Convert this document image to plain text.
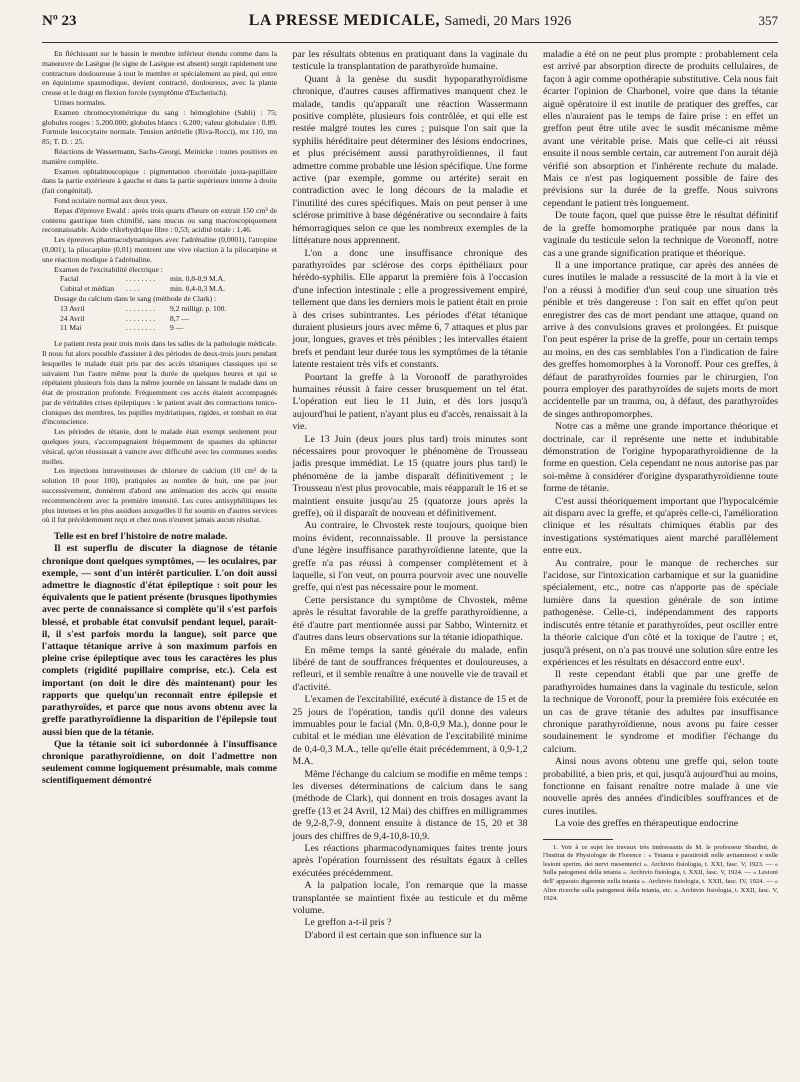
Nº 23	LA PRESSE MEDICALE, Samedi, 20 Mars 1926	357

En fléchissant sur le bassin le membre inférieur étendu comme dans la manœuvre de Lasègue (le signe de Lasègue est absent) surgit rapidement une contracture douloureuse à tout le membre et spécialement au pied, qui entre en équinisme spasmodique, devient contracté, douloureux, avec la plante creuse et le doigt en flexion forcée (symptôme d'Escherisch).

Urines normales.

Examen chromocytométrique du sang : hémoglobine (Sahli) : 75; globules rouges : 5.200.000; globules blancs : 6.200; valeur globulaire : 0.89. Formule leucocytaire normale. Tension artérielle (Riva-Rocci), mx 110, mn 85; T. D. : 25.

Réactions de Wassermann, Sachs-Georgi, Meinicke : toutes positives en manière complète.

Examen ophtalmoscopique : pigmentation choroïdale juxta-papillaire dans la partie extérieure à gauche et dans la partie supérieure interne à droite (fait congénital).

Fond oculaire normal aux deux yeux.

Repas d'épreuve Ewald : après trois quarts d'heure on extrait 150 cm³ de contenu gastrique bien chimifié, sans mucus ou sang macroscopiquement reconnaissable. Acide chlorhydrique libre : 0,53; acidité totale : 1,46.

Les épreuves pharmacodynamiques avec l'adrénaline (0,0001), l'atropine (0,001), la pilocarpine (0,01) montrent une vive réaction à la pilocarpine et une réaction modique à l'adrénaline.

Examen de l'excitabilité électrique :

Facial	........	min. 0,8-0,9 M.A.
Cubital et médian	....	min. 0,4-0,3 M.A.

Dosage du calcium dans le sang (méthode de Clark) :

13 Avril	........	9,2 milligr. p. 100.
24 Avril	........	8,7 —
11 Mai	........	9 —

Le patient resta pour trois mois dans les salles de la pathologie médicale. Il nous fut alors possible d'assister à des périodes de deux-trois jours pendant lesquelles le malade était pris par des accès tétaniques classiques qui se suivaient l'un l'autre même pour la durée de quelques heures et qui se répétaient plusieurs fois dans la même journée en laissant le malade dans un état de prostration profonde. Fréquemment ces accès étaient accompagnés par de véritables crises épileptiques : le patient avait des contractions tonico-cloniques des membres, les pupilles mydriatiques, rigides, et tombait en état d'inconscience.

Les périodes de tétanie, dont le malade était exempt seulement pour quelques jours, s'accompagnaient fréquemment de spasmes du sphincter vésical, qu'on réussissait à vaincre avec difficulté avec les communes sondes molles.

Les injections intraveineuses de chlorure de calcium (10 cm³ de la solution 10 pour 100), pratiquées au nombre de huit, une par jour successivement, donnèrent d'abord une atténuation des accès qui ensuite recommencèrent avec la première intensité. Les cures antisyphilitiques les plus intenses et les plus assidues auxquelles il fut soumis en d'autres services où il fut précédemment reçu et chez nous n'eurent jamais aucun résultat.

Telle est en bref l'histoire de notre malade.

Il est superflu de discuter la diagnose de tétanie chronique dont quelques symptômes, — les oculaires, par exemple, — sont d'un intérêt particulier. L'on doit aussi admettre le diagnostic d'état épileptique : soit pour les équivalents que le patient présente (brusques lipothymies avec perte de connaissance si complète qu'il s'est parfois blessé, et probable état convulsif pendant lequel, paraît-il, il s'est parfois mordu la langue), soit parce que l'attaque tétanique arrive à son maximum parfois en pleine crise épileptique avec tous les caractères les plus complets (rigidité pupillaire comprise, etc.). Cela est important (on doit le dire dès maintenant) pour les rapports que quelqu'un reconnaît entre épilepsie et parathyroïdes, et parce que nous avons obtenu avec la greffe parathyroïdienne la disparition de l'épilepsie tout aussi bien que de la tétanie.

Que la tétanie soit ici subordonnée à l'insuffisance chronique parathyroïdienne, on doit l'admettre non seulement comme logiquement présumable, mais comme scientifiquement démontré

par les résultats obtenus en pratiquant dans la vaginale du testicule la transplantation de parathyroïde humaine.

Quant à la genèse du susdit hypoparathyroïdisme chronique, d'autres causes affirmatives manquent chez le malade, tandis qu'apparaît une réaction Wassermann positive complète, plusieurs fois contrôlée, et qui elle est restée malgré toutes les cures ; puisque l'on sait que la syphilis héréditaire peut déterminer des lésions endocrines, et plus précisément aussi parathyroïdiennes, il faut admettre comme probable une lésion spécifique. Une forme active (par exemple, gomme ou artérite) serait en contradiction avec le long décours de la maladie et l'inutilité des cures spécifiques. Mais on peut penser à une sclérose primitive à base dégénérative ou secondaire à faits hémorragiques selon ce que les nombreux exemples de la littérature nous apprennent.

L'on a donc une insuffisance chronique des parathyroïdes par sclérose des corps épithéliaux pour hérédo-syphilis. Elle apparut la première fois à l'occasion d'une infection intestinale ; elle a progressivement empiré, tellement que dans les derniers mois le patient était en proie à des crises subintrantes. Les périodes d'état tétanique duraient plusieurs jours avec même 6, 7 attaques et plus par jour, longues, graves et très pénibles ; les intervalles étaient brefs et pendant leur durée tous les symptômes de la tétanie latente restaient très vifs et constants.

Pourtant la greffe à la Voronoff de parathyroïdes humaines réussit à faire cesser brusquement un tel état. L'opération eut lieu le 11 Juin, et dès lors jusqu'à aujourd'hui le patient, n'ayant plus eu d'accès, renaissait à la vie.

Le 13 Juin (deux jours plus tard) trois minutes sont nécessaires pour provoquer le phénomène de Trousseau jadis presque immédiat. Le 15 (quatre jours plus tard) le phénomène de la jambe disparaît définitivement ; le Trousseau n'est plus provocable, mais réapparaît le 16 et se maintient ensuite jusqu'au 25 (quatorze jours après la greffe), où il disparaît de nouveau et définitivement.

Au contraire, le Chvostek reste toujours, quoique bien moins évident, reconnaissable. Il prouve la persistance d'une légère insuffisance parathyroïdienne latente, que la greffe n'a pas réussi à compenser complètement et à laquelle, si l'on veut, on pourra pourvoir avec une nouvelle greffe, qui n'est pas nécessaire pour le moment.

Cette persistance du symptôme de Chvostek, même après le résultat favorable de la greffe parathyroïdienne, a été d'autre part mentionnée aussi par Sabbo, Winternitz et d'autres dans leurs observations sur la tétanie idiopathique.

En même temps la santé générale du malade, enfin libéré de tant de souffrances fréquentes et douloureuses, a refleuri, et il semble renaître à une nouvelle vie de travail et d'activité.

L'examen de l'excitabilité, exécuté à distance de 15 et de 25 jours de l'opération, tandis qu'il donne des valeurs immuables pour le facial (Mn. 0,8-0,9 Ma.), donne pour le cubital et le médian une élévation de l'excitabilité minime de 0,4-0,3 M.A., telle qu'elle était précédemment, à 0,9-1,2 M.A.

Même l'échange du calcium se modifie en même temps : les diverses déterminations de calcium dans le sang (méthode de Clark), qui donnent en trois dosages avant la greffe (13 et 24 Avril, 12 Mai) des chiffres en milligrammes de 9,2-8,7-9, donnent ensuite à distance de 15, 20 et 38 jours des chiffres de 9,4-10,8-10,9.

Les réactions pharmacodynamiques faites trente jours après l'opération fournissent des résultats égaux à celles exécutées précédemment.

A la palpation locale, l'on remarque que la masse transplantée se maintient fixée au testicule et du même volume.

Le greffon a-t-il pris ?

D'abord il est certain que son influence sur la

maladie a été on ne peut plus prompte : probablement cela est arrivé par absorption directe de produits cellulaires, de façon à agir comme opothérapie substitutive. Cela nous fait écarter l'opinion de Charbonel, voire que dans la tétanie aiguë opératoire il est inutile de pratiquer des greffes, car elles n'auraient pas le temps de faire prise : en effet un greffon peut être utile avec le susdit mécanisme même avant une véritable prise. Mais que celle-ci ait réussi ensuite il nous semble certain, car autrement l'on aurait déjà vérifié son absorption et l'inhérente rechute du malade. Mais ce n'est pas logiquement possible de faire des prévisions sur la durée de la greffe. Nous suivrons cependant le patient très longuement.

De toute façon, quel que puisse être le résultat définitif de la greffe homomorphe pratiquée par nous dans la vaginale du testicule selon la technique de Voronoff, notre cas a une grande signification pratique et théorique.

Il a une importance pratique, car après des années de cures inutiles le malade a ressuscité de la mort à la vie et l'on a réussi à modifier d'un seul coup une situation très pénible et très dangereuse : l'on sait en effet qu'on peut enregistrer des cas de mort pendant une attaque, quand on arrive à des convulsions graves et prolongées. Et puisque l'on peut espérer la prise de la greffe, pour un certain temps au moins, en des cas semblables l'on a l'indication de faire des greffes homomorphes à la Voronoff. Pour ces greffes, à défaut de parathyroïdes fournies par le chirurgien, l'on pourra employer des parathyroïdes de sujets morts de mort accidentelle par un trauma, ou, à défaut, des parathyroïdes de singes anthropomorphes.

Notre cas a même une grande importance théorique et doctrinale, car il représente une nette et indubitable démonstration de l'origine hypoparathyroïdienne de la forme en question. Cela cependant ne nous autorise pas par soi-même à considérer d'origine dysparathyroïdienne toute forme de tétanie.

C'est aussi théoriquement important que l'hypocalcémie ait disparu avec la greffe, et qu'après celle-ci, l'amélioration clinique et les résultats chimiques établis par des investigations systématiques aient marché parallèlement entre eux.

Au contraire, pour le manque de recherches sur l'acidose, sur l'intoxication carbamique et sur la guanidine spécialement, etc., notre cas n'apporte pas de spéciale lumière dans la question générale de son intime pathogenèse. Celle-ci, indépendamment des rapports indiscutés entre tétanie et parathyroïdes, peut osciller entre la théorie calcique d'un côté et la toxique de l'autre ; et, jusqu'à présent, on n'a pas trouvé une solution sûre entre les expériences et les résultats en désaccord entre eux¹.

Il reste cependant établi que par une greffe de parathyroïdes humaines dans la vaginale du testicule, selon la technique de Voronoff, pour la première fois exécutée en un cas de grave tétanie des adultes par insuffisance chronique parathyroïdienne, nous avons pu faire cesser soudainement le syndrome et modifier l'échange du calcium.

Ainsi nous avons obtenu une greffe qui, selon toute probabilité, a bien pris, et qui, jusqu'à aujourd'hui au moins, fonctionne en faisant renaître notre malade à une vie nouvelle après des années d'indicibles souffrances et de cures inutiles.

La voie des greffes en thérapeutique endocrine

1. Voir à ce sujet les travaux très intéressants de M. le professeur Sbardini, de l'Institut de Physiologie de Florence : « Tetania e paratiroidi nelle avitaminosi e nelle lesioni sperim. dei nervi mesenterici ». Archivio fisiologia, t. XXI, fasc. V, 1923. — « Sulla patogenesi della tetania ». Archivio fisiologia, t. XXII, fasc. V, 1924. — « Lesioni dell' apparato digerente nella tetania ». Archivio fisiologia, t. XXII, fasc. IV, 1924. — « Altre ricerche sulla patogenesi della tetania, etc. ». Archivio fisiologia, t. XXII, fasc. V, 1924.
